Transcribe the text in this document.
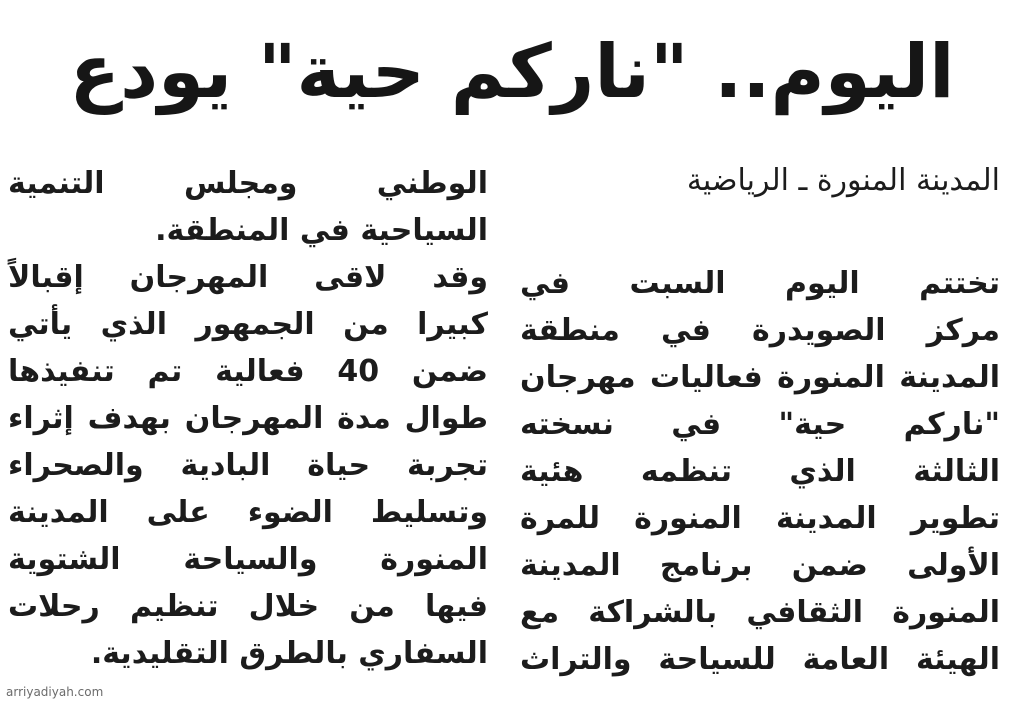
اليوم.. "ناركم حية" يودع
المدينة المنورة ـ الرياضية
تختتم اليوم السبت في
مركز الصويدرة في منطقة
المدينة المنورة فعاليات مهرجان
"ناركم حية" في نسخته
الثالثة الذي تنظمه هئية
تطوير المدينة المنورة للمرة
الأولى ضمن برنامج المدينة
المنورة الثقافي بالشراكة مع
الهيئة العامة للسياحة والتراث
الوطني ومجلس التنمية
السياحية في المنطقة.
وقد لاقى المهرجان إقبالاً
كبيرا من الجمهور الذي يأتي
ضمن 40 فعالية تم تنفيذها
طوال مدة المهرجان بهدف إثراء
تجربة حياة البادية والصحراء
وتسليط الضوء على المدينة
المنورة والسياحة الشتوية
فيها من خلال تنظيم رحلات
السفاري بالطرق التقليدية.
arriyadiyah.com
